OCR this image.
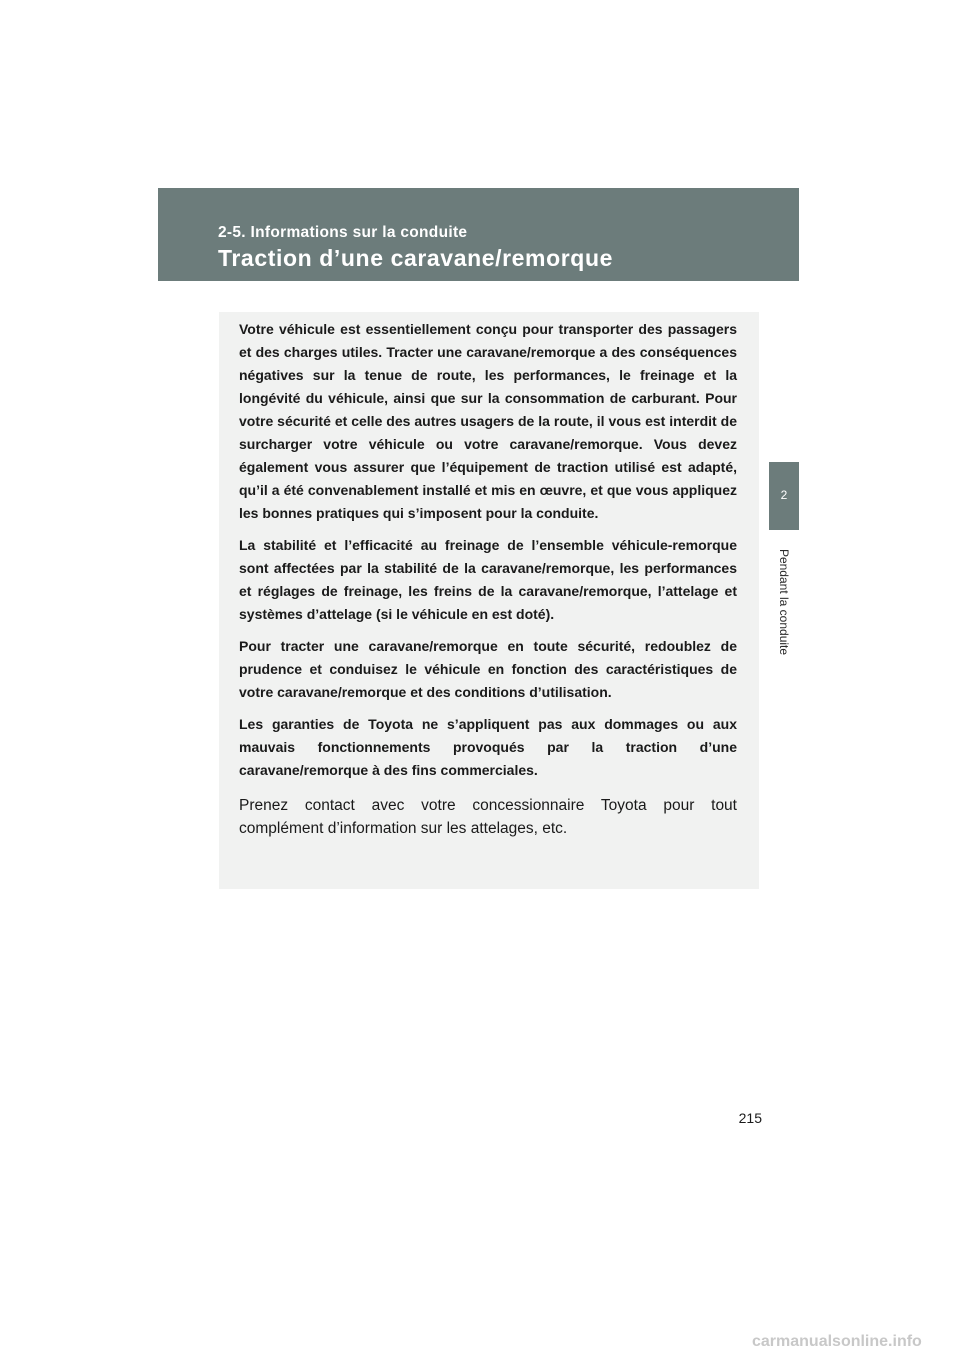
2-5. Informations sur la conduite
Traction d’une caravane/remorque
2
Pendant la conduite

Votre véhicule est essentiellement conçu pour transporter des passagers et des charges utiles. Tracter une caravane/remorque a des conséquences négatives sur la tenue de route, les performances, le freinage et la longévité du véhicule, ainsi que sur la consommation de carburant. Pour votre sécurité et celle des autres usagers de la route, il vous est interdit de surcharger votre véhicule ou votre caravane/remorque. Vous devez également vous assurer que l’équipement de traction utilisé est adapté, qu’il a été convenablement installé et mis en œuvre, et que vous appliquez les bonnes pratiques qui s’imposent pour la conduite.

La stabilité et l’efficacité au freinage de l’ensemble véhicule-remorque sont affectées par la stabilité de la caravane/remorque, les performances et réglages de freinage, les freins de la caravane/remorque, l’attelage et systèmes d’attelage (si le véhicule en est doté).

Pour tracter une caravane/remorque en toute sécurité, redoublez de prudence et conduisez le véhicule en fonction des caractéristiques de votre caravane/remorque et des conditions d’utilisation.

Les garanties de Toyota ne s’appliquent pas aux dommages ou aux mauvais fonctionnements provoqués par la traction d’une caravane/remorque à des fins commerciales.

Prenez contact avec votre concessionnaire Toyota pour tout complément d’information sur les attelages, etc.

215
carmanualsonline.info
